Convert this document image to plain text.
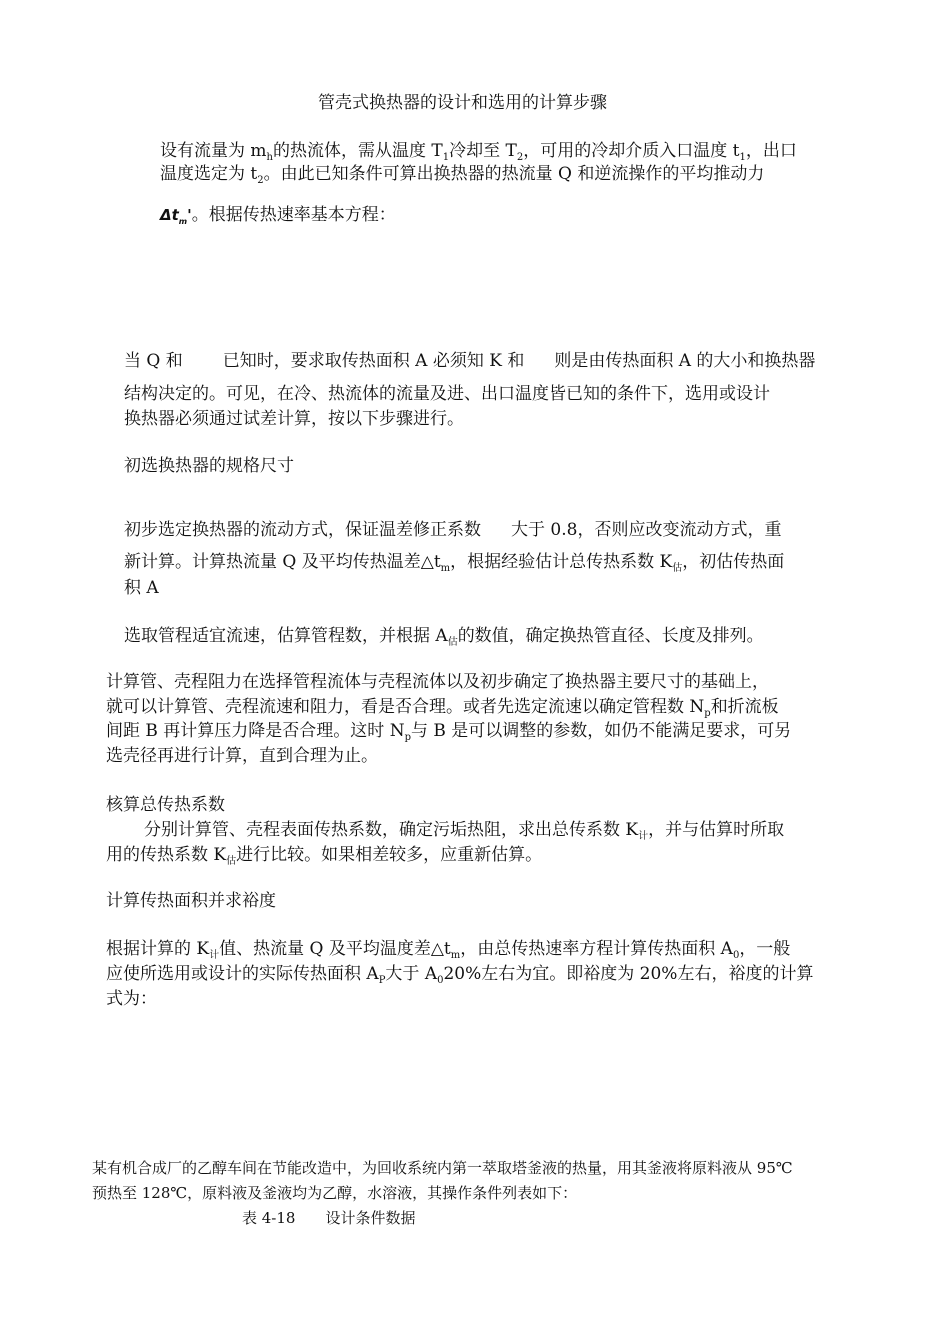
管壳式换热器的设计和选用的计算步骤
设有流量为 $m_h$的热流体，需从温度 $T_1$冷却至 $T_2$，可用的冷却介质入口温度 $t_1$，出口
温度选定为 $t_2$。由此已知条件可算出换热器的热流量 Q 和逆流操作的平均推动力
$\Delta t_m'$。根据传热速率基本方程：
当 Q 和 已知时，要求取传热面积 A 必须知 K 和 则是由传热面积 A 的大小和换热器
结构决定的。可见，在冷、热流体的流量及进、出口温度皆已知的条件下，选用或设计
换热器必须通过试差计算，按以下步骤进行。
初选换热器的规格尺寸
初步选定换热器的流动方式，保证温差修正系数 大于 0.8，否则应改变流动方式，重
新计算。计算热流量 Q 及平均传热温差$\triangle t_m$，根据经验估计总传热系数 $K_估$，初估传热面
积 A
选取管程适宜流速，估算管程数，并根据 $A_估$的数值，确定换热管直径、长度及排列。
计算管、壳程阻力在选择管程流体与壳程流体以及初步确定了换热器主要尺寸的基础上，
就可以计算管、壳程流速和阻力，看是否合理。或者先选定流速以确定管程数 $N_p$和折流板
间距 B 再计算压力降是否合理。这时 $N_p$与 B 是可以调整的参数，如仍不能满足要求，可另
选壳径再进行计算，直到合理为止。
核算总传热系数
分别计算管、壳程表面传热系数，确定污垢热阻，求出总传系数 $K_计$，并与估算时所取
用的传热系数 $K_估$进行比较。如果相差较多，应重新估算。
计算传热面积并求裕度
根据计算的 $K_计$值、热流量 Q 及平均温度差$\triangle t_m$，由总传热速率方程计算传热面积 $A_0$，一般
应使所选用或设计的实际传热面积 $A_P$大于 $A_020\%$左右为宜。即裕度为 20%左右，裕度的计算
式为：
某有机合成厂的乙醇车间在节能改造中，为回收系统内第一萃取塔釜液的热量，用其釜液将原料液从 95℃
预热至 128℃，原料液及釜液均为乙醇，水溶液，其操作条件列表如下：
表 4-18　　设计条件数据
